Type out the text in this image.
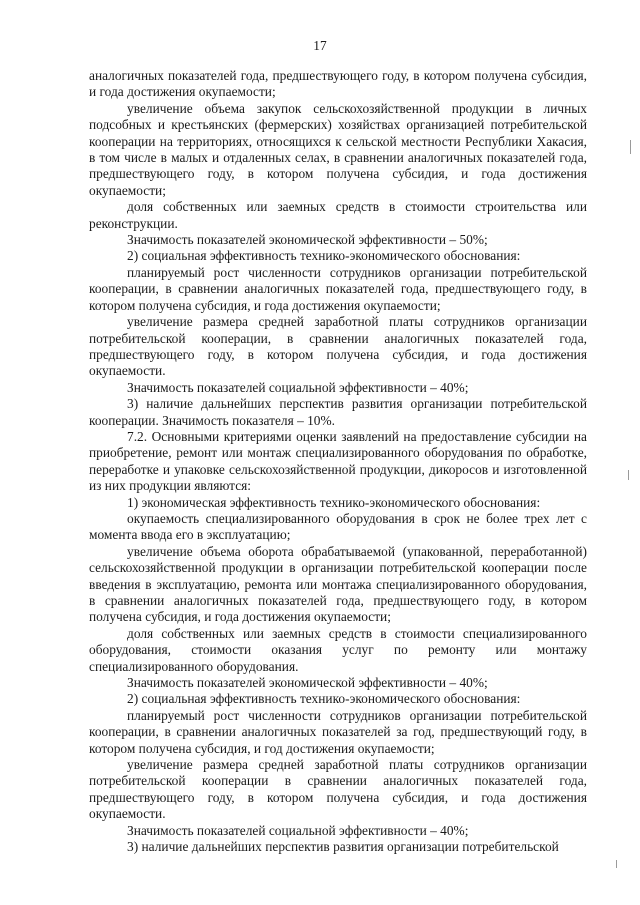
17

аналогичных показателей года, предшествующего году, в котором получена субсидия, и года достижения окупаемости;

увеличение объема закупок сельскохозяйственной продукции в личных подсобных и крестьянских (фермерских) хозяйствах организацией потребительской кооперации на территориях, относящихся к сельской местности Республики Хакасия, в том числе в малых и отдаленных селах, в сравнении аналогичных показателей года, предшествующего году, в котором получена субсидия, и года достижения окупаемости;

доля собственных или заемных средств в стоимости строительства или реконструкции.

Значимость показателей экономической эффективности – 50%;

2) социальная эффективность технико-экономического обоснования:

планируемый рост численности сотрудников организации потребительской кооперации, в сравнении аналогичных показателей года, предшествующего году, в котором получена субсидия, и года достижения окупаемости;

увеличение размера средней заработной платы сотрудников организации потребительской кооперации, в сравнении аналогичных показателей года, предшествующего году, в котором получена субсидия, и года достижения окупаемости.

Значимость показателей социальной эффективности – 40%;

3) наличие дальнейших перспектив развития организации потребительской кооперации. Значимость показателя – 10%.

7.2. Основными критериями оценки заявлений на предоставление субсидии на приобретение, ремонт или монтаж специализированного оборудования по обработке, переработке и упаковке сельскохозяйственной продукции, дикоросов и изготовленной из них продукции являются:

1) экономическая эффективность технико-экономического обоснования:

окупаемость специализированного оборудования в срок не более трех лет с момента ввода его в эксплуатацию;

увеличение объема оборота обрабатываемой (упакованной, переработанной) сельскохозяйственной продукции в организации потребительской кооперации после введения в эксплуатацию, ремонта или монтажа специализированного оборудования, в сравнении аналогичных показателей года, предшествующего году, в котором получена субсидия, и года достижения окупаемости;

доля собственных или заемных средств в стоимости специализированного оборудования, стоимости оказания услуг по ремонту или монтажу специализированного оборудования.

Значимость показателей экономической эффективности – 40%;

2) социальная эффективность технико-экономического обоснования:

планируемый рост численности сотрудников организации потребительской кооперации, в сравнении аналогичных показателей за год, предшествующий году, в котором получена субсидия, и год достижения окупаемости;

увеличение размера средней заработной платы сотрудников организации потребительской кооперации в сравнении аналогичных показателей года, предшествующего году, в котором получена субсидия, и года достижения окупаемости.

Значимость показателей социальной эффективности – 40%;

3) наличие дальнейших перспектив развития организации потребительской
